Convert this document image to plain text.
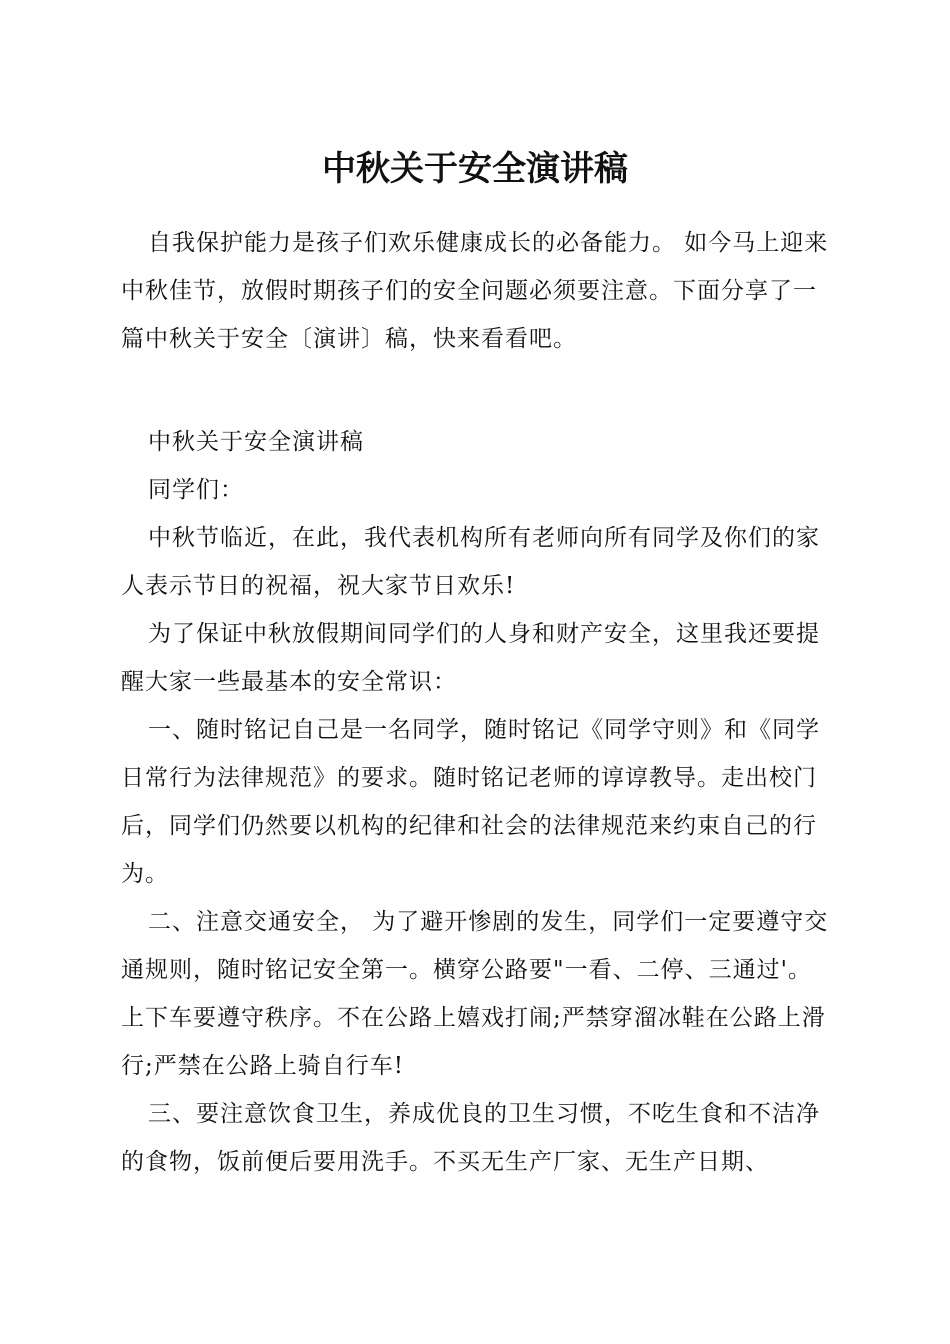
中秋关于安全演讲稿

自我保护能力是孩子们欢乐健康成长的必备能力。 如今马上迎来中秋佳节，放假时期孩子们的安全问题必须要注意。下面分享了一篇中秋关于安全〔演讲〕稿，快来看看吧。

中秋关于安全演讲稿

同学们：

中秋节临近，在此，我代表机构所有老师向所有同学及你们的家人表示节日的祝福，祝大家节日欢乐!

为了保证中秋放假期间同学们的人身和财产安全，这里我还要提醒大家一些最基本的安全常识：

一、随时铭记自己是一名同学，随时铭记《同学守则》和《同学日常行为法律规范》的要求。随时铭记老师的谆谆教导。走出校门后，同学们仍然要以机构的纪律和社会的法律规范来约束自己的行为。

二、注意交通安全， 为了避开惨剧的发生，同学们一定要遵守交通规则，随时铭记安全第一。横穿公路要"一看、二停、三通过'。 上下车要遵守秩序。不在公路上嬉戏打闹;严禁穿溜冰鞋在公路上滑行;严禁在公路上骑自行车!

三、要注意饮食卫生，养成优良的卫生习惯，不吃生食和不洁净的食物，饭前便后要用洗手。不买无生产厂家、无生产日期、
